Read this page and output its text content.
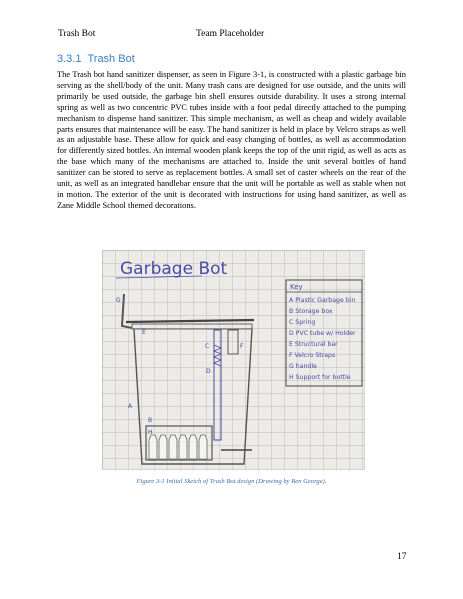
Trash Bot	Team Placeholder
3.3.1 Trash Bot
The Trash bot hand sanitizer dispenser, as seen in Figure 3-1, is constructed with a plastic garbage bin serving as the shell/body of the unit. Many trash cans are designed for use outside, and the units will primarily be used outside, the garbage bin shell ensures outside durability. It uses a strong internal spring as well as two concentric PVC tubes inside with a foot pedal directly attached to the pumping mechanism to dispense hand sanitizer. This simple mechanism, as well as cheap and widely available parts ensures that maintenance will be easy. The hand sanitizer is held in place by Velcro straps as well as an adjustable base. These allow for quick and easy changing of bottles, as well as accommodation for differently sized bottles. An internal wooden plank keeps the top of the unit rigid, as well as acts as the base which many of the mechanisms are attached to. Inside the unit several bottles of hand sanitizer can be stored to serve as replacement bottles. A small set of caster wheels on the rear of the unit, as well as an integrated handlebar ensure that the unit will be portable as well as stable when not in motion. The exterior of the unit is decorated with instructions for using hand sanitizer, as well as Zane Middle School themed decorations.
Garbage Bot
A
B
C
D
E
F
G
H
Key
A Plastic Garbage bin
B Storage box
C Spring
D PVC tube w/ Holder
E Structural bar
F Velcro Straps
G handle
H Support for bottle
Figure 3-1 Initial Sketch of Trash Bot design (Drawing by Ben George).
17
